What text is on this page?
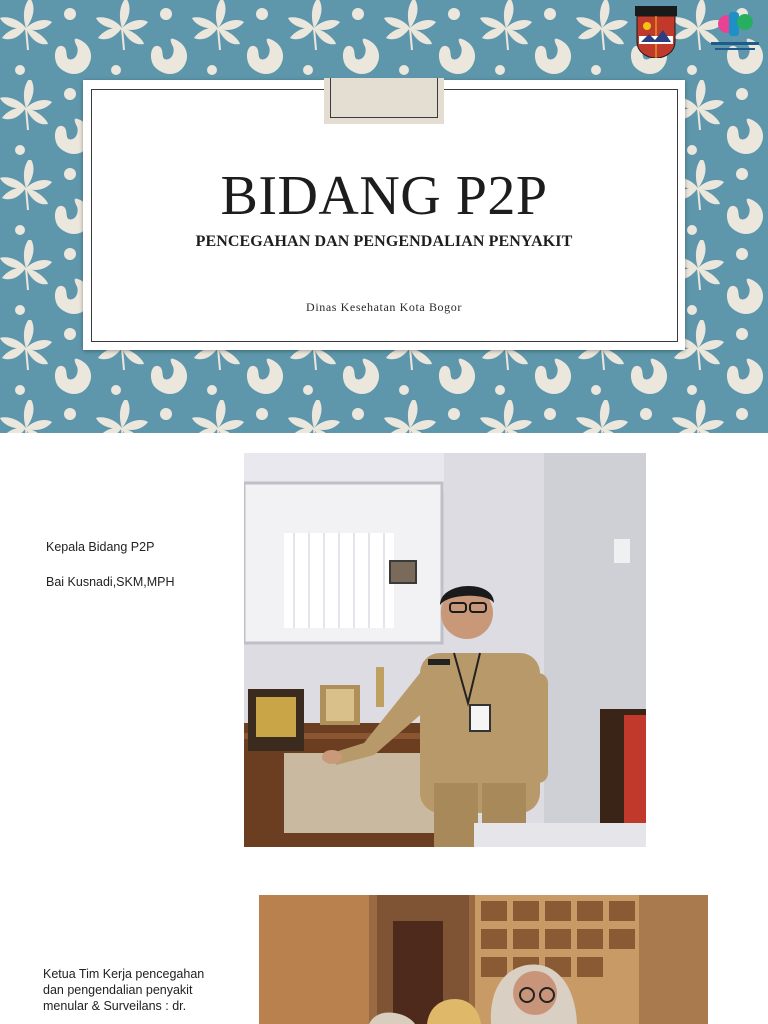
BIDANG P2P
PENCEGAHAN DAN PENGENDALIAN PENYAKIT
Dinas Kesehatan Kota Bogor
Kepala Bidang P2P
Bai Kusnadi,SKM,MPH
Ketua Tim Kerja pencegahan dan pengendalian penyakit menular & Surveilans : dr.
